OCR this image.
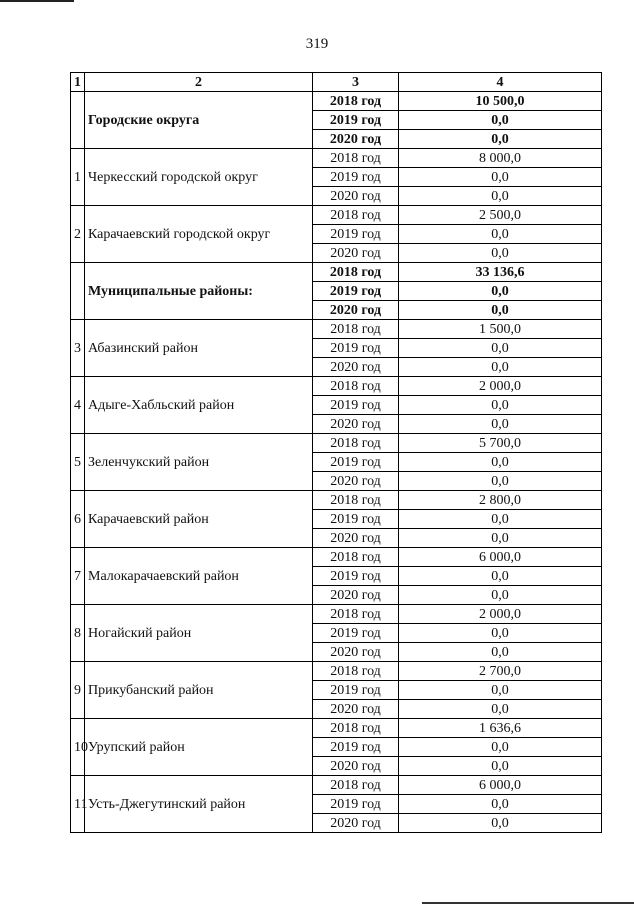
319
1	2	3	4
	Городские округа	2018 год	10 500,0
		2019 год	0,0
		2020 год	0,0
1	Черкесский городской округ	2018 год	8 000,0
		2019 год	0,0
		2020 год	0,0
2	Карачаевский городской округ	2018 год	2 500,0
		2019 год	0,0
		2020 год	0,0
	Муниципальные районы:	2018 год	33 136,6
		2019 год	0,0
		2020 год	0,0
3	Абазинский район	2018 год	1 500,0
		2019 год	0,0
		2020 год	0,0
4	Адыге-Хабльский район	2018 год	2 000,0
		2019 год	0,0
		2020 год	0,0
5	Зеленчукский район	2018 год	5 700,0
		2019 год	0,0
		2020 год	0,0
6	Карачаевский район	2018 год	2 800,0
		2019 год	0,0
		2020 год	0,0
7	Малокарачаевский район	2018 год	6 000,0
		2019 год	0,0
		2020 год	0,0
8	Ногайский район	2018 год	2 000,0
		2019 год	0,0
		2020 год	0,0
9	Прикубанский район	2018 год	2 700,0
		2019 год	0,0
		2020 год	0,0
10	Урупский район	2018 год	1 636,6
		2019 год	0,0
		2020 год	0,0
11	Усть-Джегутинский район	2018 год	6 000,0
		2019 год	0,0
		2020 год	0,0
